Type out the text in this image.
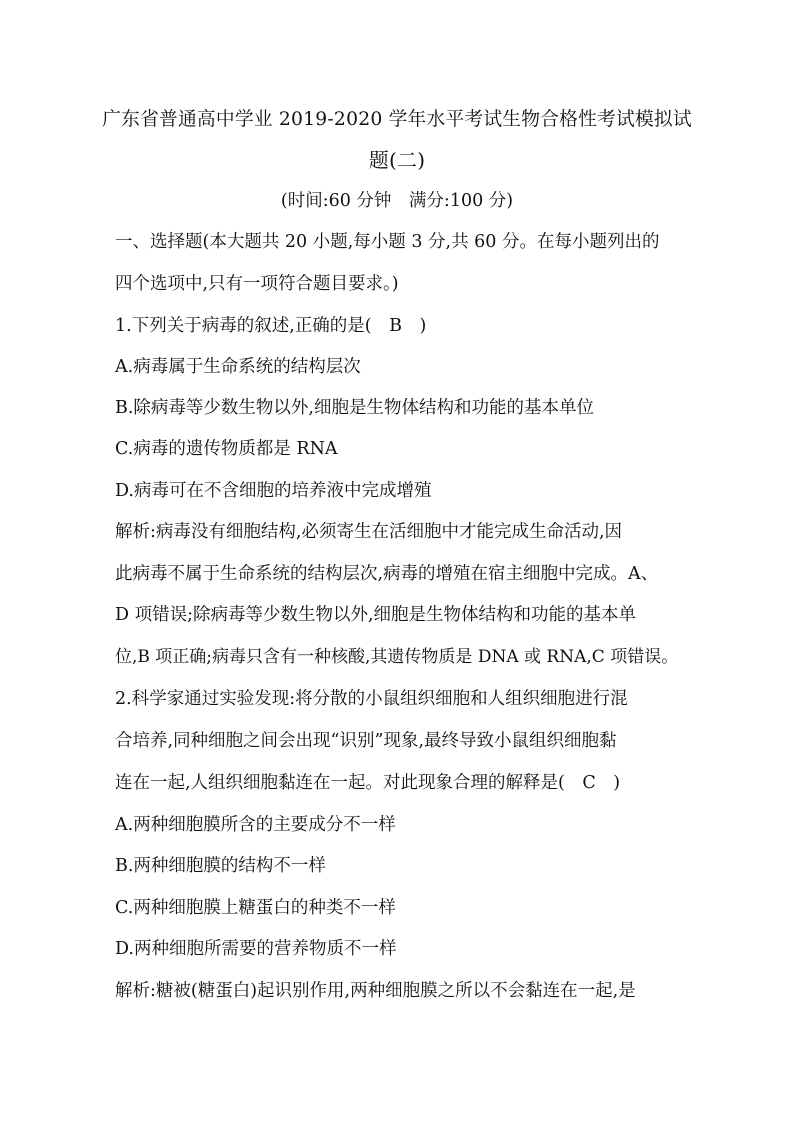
广东省普通高中学业 2019-2020 学年水平考试生物合格性考试模拟试
题(二)
(时间:60 分钟　满分:100 分)
一、选择题(本大题共 20 小题,每小题 3 分,共 60 分。在每小题列出的
四个选项中,只有一项符合题目要求。)
1.下列关于病毒的叙述,正确的是(　B　)
A.病毒属于生命系统的结构层次
B.除病毒等少数生物以外,细胞是生物体结构和功能的基本单位
C.病毒的遗传物质都是 RNA
D.病毒可在不含细胞的培养液中完成增殖
解析:病毒没有细胞结构,必须寄生在活细胞中才能完成生命活动,因
此病毒不属于生命系统的结构层次,病毒的增殖在宿主细胞中完成。A、
D 项错误;除病毒等少数生物以外,细胞是生物体结构和功能的基本单
位,B 项正确;病毒只含有一种核酸,其遗传物质是 DNA 或 RNA,C 项错误。
2.科学家通过实验发现:将分散的小鼠组织细胞和人组织细胞进行混
合培养,同种细胞之间会出现“识别”现象,最终导致小鼠组织细胞黏
连在一起,人组织细胞黏连在一起。对此现象合理的解释是(　C　)
A.两种细胞膜所含的主要成分不一样
B.两种细胞膜的结构不一样
C.两种细胞膜上糖蛋白的种类不一样
D.两种细胞所需要的营养物质不一样
解析:糖被(糖蛋白)起识别作用,两种细胞膜之所以不会黏连在一起,是
